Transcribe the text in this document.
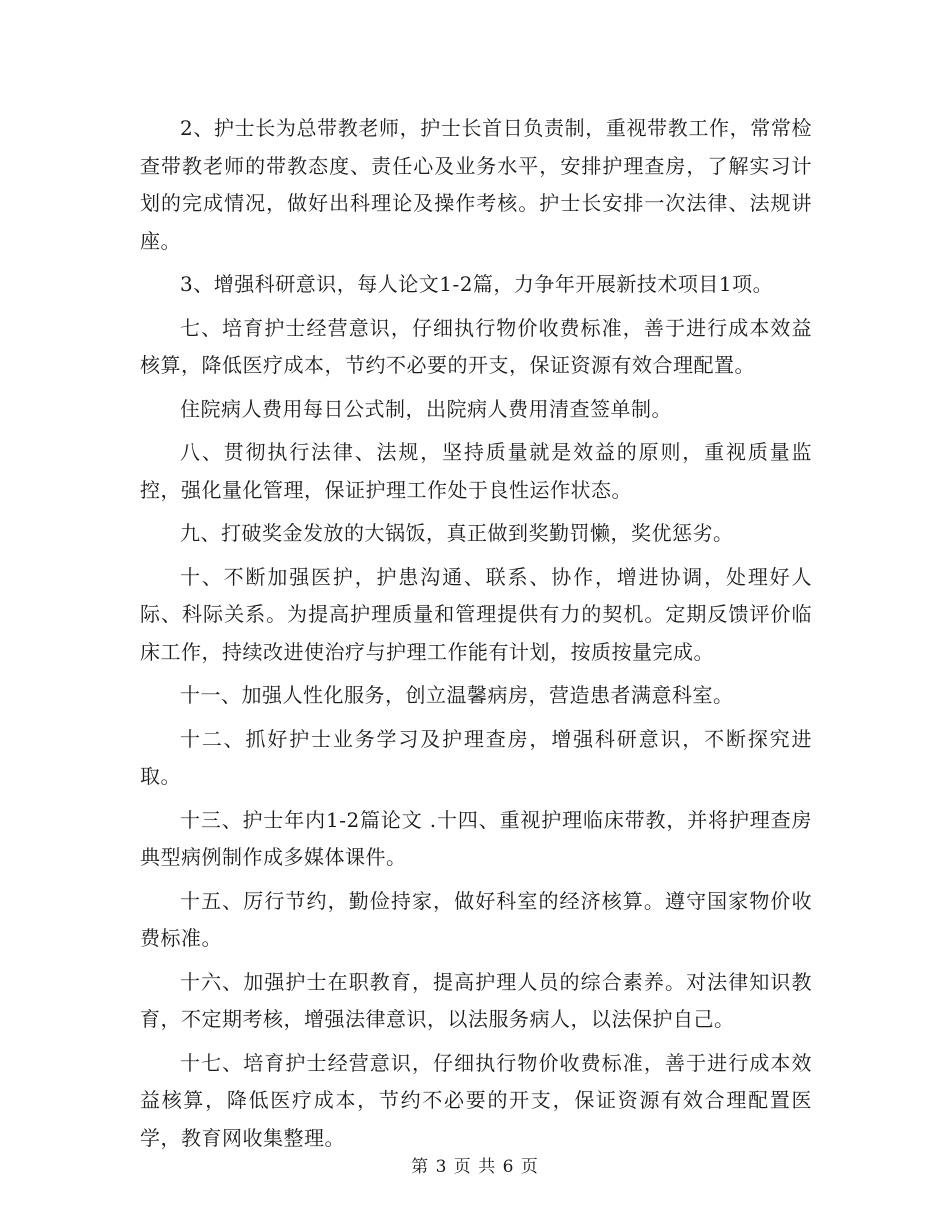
2、护士长为总带教老师，护士长首日负责制，重视带教工作，常常检查带教老师的带教态度、责任心及业务水平，安排护理查房，了解实习计划的完成情况，做好出科理论及操作考核。护士长安排一次法律、法规讲座。

3、增强科研意识，每人论文1-2篇，力争年开展新技术项目1项。

七、培育护士经营意识，仔细执行物价收费标准，善于进行成本效益核算，降低医疗成本，节约不必要的开支，保证资源有效合理配置。

住院病人费用每日公式制，出院病人费用清查签单制。

八、贯彻执行法律、法规，坚持质量就是效益的原则，重视质量监控，强化量化管理，保证护理工作处于良性运作状态。

九、打破奖金发放的大锅饭，真正做到奖勤罚懒，奖优惩劣。

十、不断加强医护，护患沟通、联系、协作，增进协调，处理好人际、科际关系。为提高护理质量和管理提供有力的契机。定期反馈评价临床工作，持续改进使治疗与护理工作能有计划，按质按量完成。

十一、加强人性化服务，创立温馨病房，营造患者满意科室。

十二、抓好护士业务学习及护理查房，增强科研意识，不断探究进取。

十三、护士年内1-2篇论文 .十四、重视护理临床带教，并将护理查房典型病例制作成多媒体课件。

十五、厉行节约，勤俭持家，做好科室的经济核算。遵守国家物价收费标准。

十六、加强护士在职教育，提高护理人员的综合素养。对法律知识教育，不定期考核，增强法律意识，以法服务病人，以法保护自己。

十七、培育护士经营意识，仔细执行物价收费标准，善于进行成本效益核算，降低医疗成本，节约不必要的开支，保证资源有效合理配置医学，教育网收集整理。

第 3 页 共 6 页
